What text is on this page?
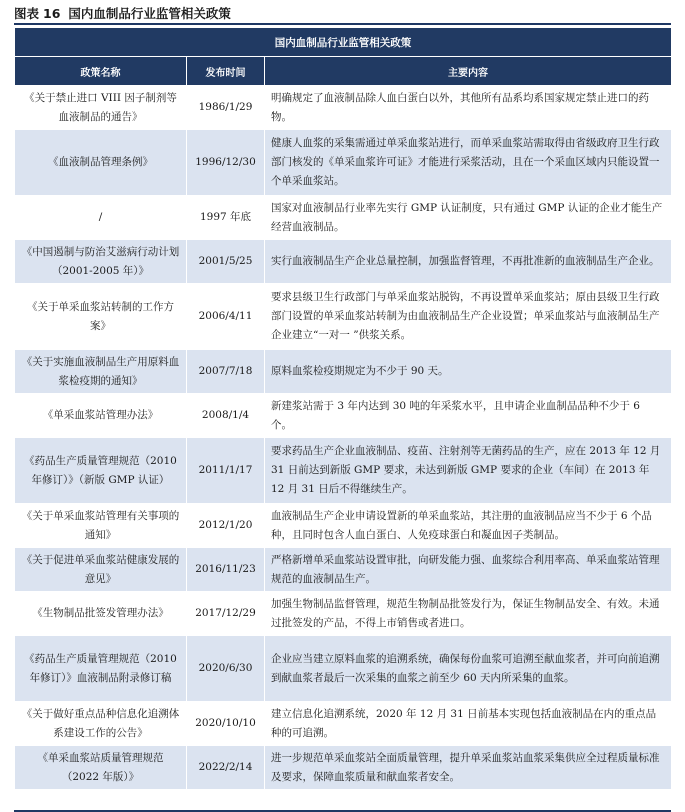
图表 16 国内血制品行业监管相关政策
国内血制品行业监管相关政策		
政策名称	发布时间	主要内容
《关于禁止进口 VIII 因子制剂等血液制品的通告》	1986/1/29	明确规定了血液制品除人血白蛋白以外，其他所有品系均系国家规定禁止进口的药物。
《血液制品管理条例》	1996/12/30	健康人血浆的采集需通过单采血浆站进行，而单采血浆站需取得由省级政府卫生行政部门核发的《单采血浆许可证》才能进行采浆活动，且在一个采血区域内只能设置一个单采血浆站。
/	1997 年底	国家对血液制品行业率先实行 GMP 认证制度，只有通过 GMP 认证的企业才能生产经营血液制品。
《中国遏制与防治艾滋病行动计划（2001-2005 年）》	2001/5/25	实行血液制品生产企业总量控制，加强监督管理，不再批准新的血液制品生产企业。
《关于单采血浆站转制的工作方案》	2006/4/11	要求县级卫生行政部门与单采血浆站脱钩，不再设置单采血浆站；原由县级卫生行政部门设置的单采血浆站转制为由血液制品生产企业设置；单采血浆站与血液制品生产企业建立“一对一 ”供浆关系。
《关于实施血液制品生产用原料血浆检疫期的通知》	2007/7/18	原料血浆检疫期规定为不少于 90 天。
《单采血浆站管理办法》	2008/1/4	新建浆站需于 3 年内达到 30 吨的年采浆水平，且申请企业血制品品种不少于 6 个。
《药品生产质量管理规范（2010 年修订）》（新版 GMP 认证）	2011/1/17	要求药品生产企业血液制品、疫苗、注射剂等无菌药品的生产，应在 2013 年 12 月 31 日前达到新版 GMP 要求，未达到新版 GMP 要求的企业（车间）在 2013 年 12 月 31 日后不得继续生产。
《关于单采血浆站管理有关事项的通知》	2012/1/20	血液制品生产企业申请设置新的单采血浆站，其注册的血液制品应当不少于 6 个品种，且同时包含人血白蛋白、人免疫球蛋白和凝血因子类制品。
《关于促进单采血浆站健康发展的意见》	2016/11/23	严格新增单采血浆站设置审批，向研发能力强、血浆综合利用率高、单采血浆站管理规范的血液制品生产。
《生物制品批签发管理办法》	2017/12/29	加强生物制品监督管理，规范生物制品批签发行为，保证生物制品安全、有效。未通过批签发的产品，不得上市销售或者进口。
《药品生产质量管理规范（2010 年修订）》血液制品附录修订稿	2020/6/30	企业应当建立原料血浆的追溯系统，确保每份血浆可追溯至献血浆者，并可向前追溯到献血浆者最后一次采集的血浆之前至少 60 天内所采集的血浆。
《关于做好重点品种信息化追溯体系建设工作的公告》	2020/10/10	建立信息化追溯系统，2020 年 12 月 31 日前基本实现包括血液制品在内的重点品种的可追溯。
《单采血浆站质量管理规范（2022 年版）》	2022/2/14	进一步规范单采血浆站全面质量管理，提升单采血浆站血浆采集供应全过程质量标准及要求，保障血浆质量和献血浆者安全。
